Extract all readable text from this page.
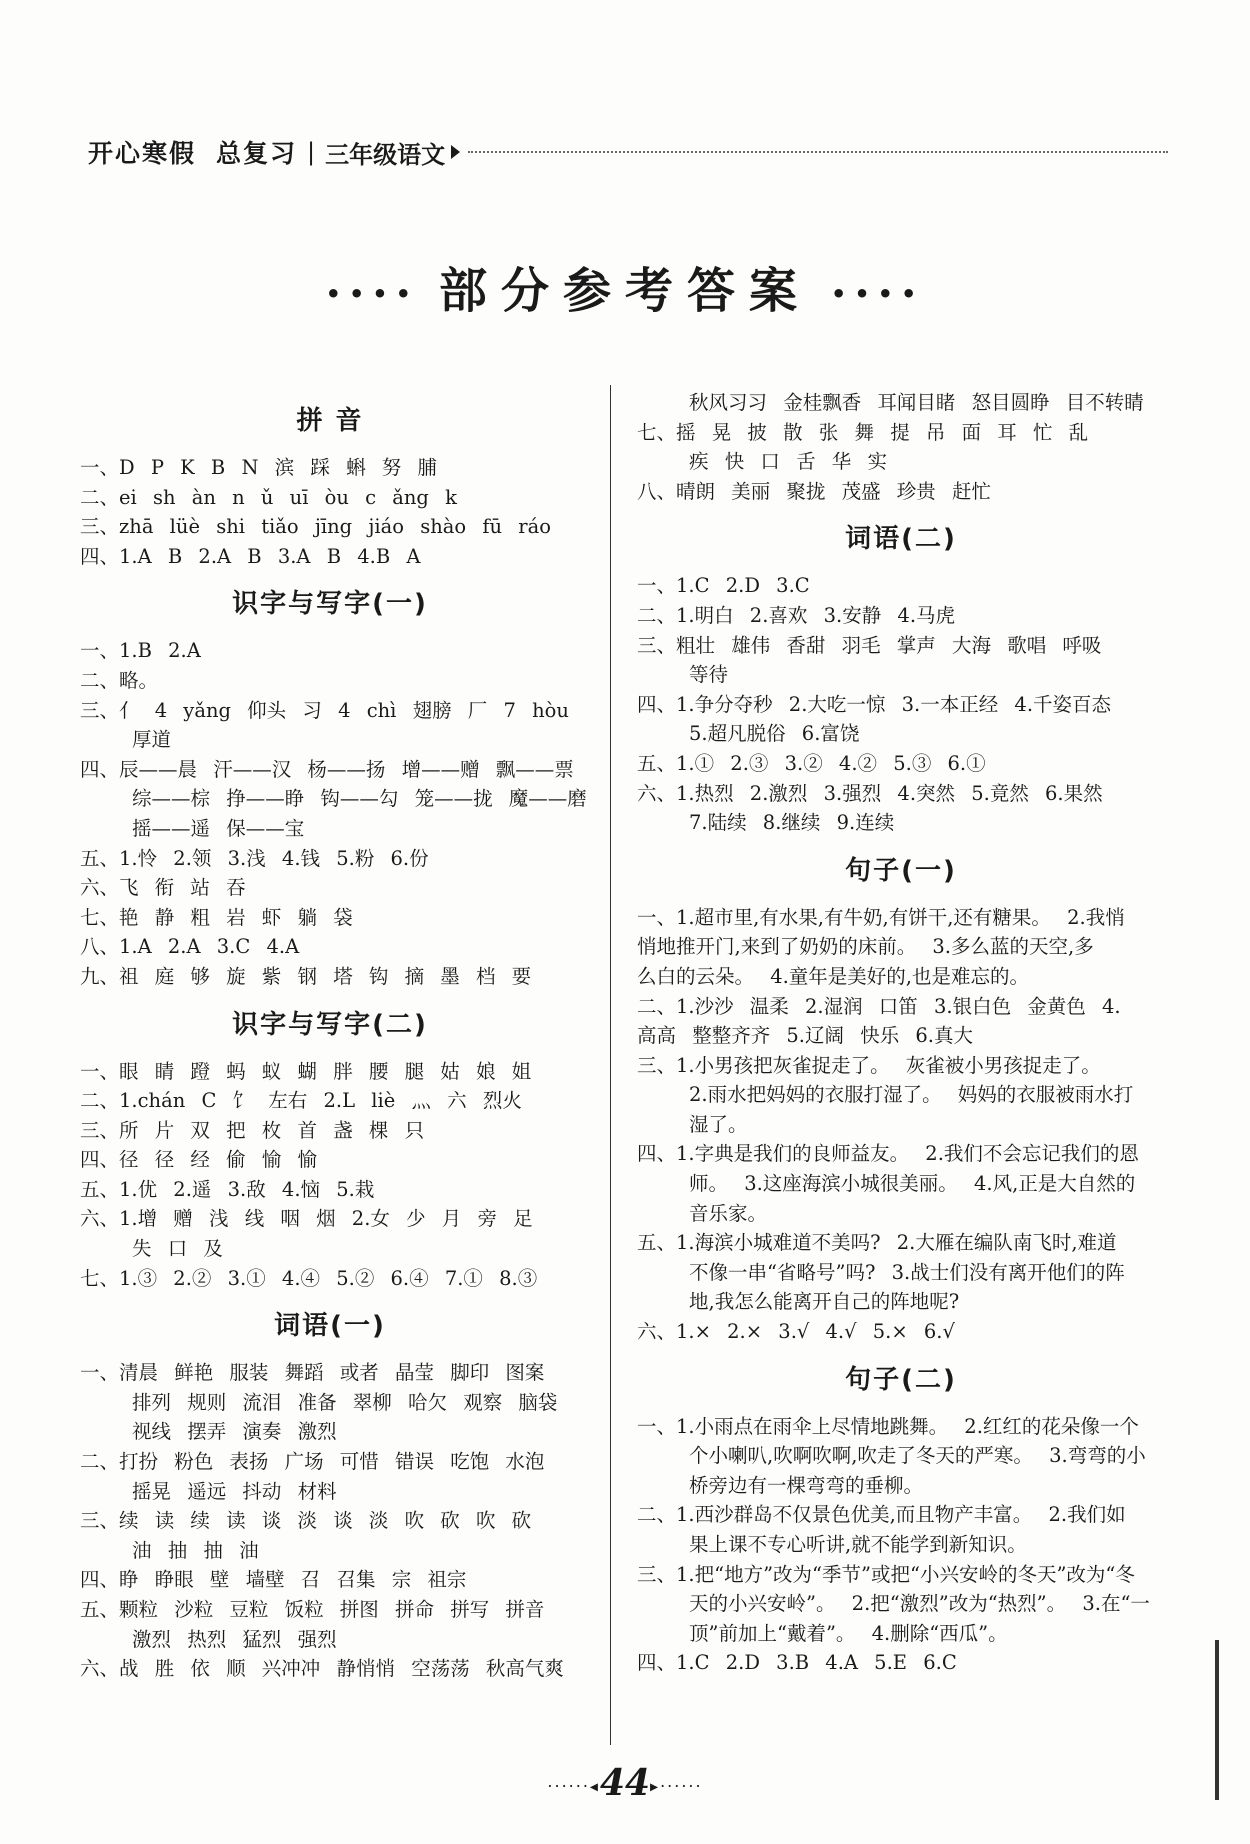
开心寒假 总复习 | 三年级语文
•••• 部分参考答案 ••••
拼 音
一、D P K B N 滨 踩 蝌 努 脯
二、ei sh àn n ǔ uī òu c ǎng k
三、zhā lüè shi tiǎo jīng jiáo shào fū ráo
四、1.A B 2.A B 3.A B 4.B A
识字与写字(一)
一、1.B 2.A
二、略。
三、亻 4 yǎng 仰头 习 4 chì 翅膀 厂 7 hòu
厚道
四、辰——晨 汗——汉 杨——扬 增——赠 飘——票
综——棕 挣——睁 钩——勾 笼——拢 魔——磨
摇——遥 保——宝
五、1.怜 2.领 3.浅 4.钱 5.粉 6.份
六、飞 衔 站 吞
七、艳 静 粗 岩 虾 躺 袋
八、1.A 2.A 3.C 4.A
九、祖 庭 够 旋 紫 钢 塔 钩 摘 墨 档 要
识字与写字(二)
一、眼 睛 蹬 蚂 蚁 蝴 胖 腰 腿 姑 娘 姐
二、1.chán C 饣 左右 2.L liè 灬 六 烈火
三、所 片 双 把 枚 首 盏 棵 只
四、径 径 经 偷 愉 愉
五、1.优 2.遥 3.敌 4.恼 5.栽
六、1.增 赠 浅 线 咽 烟 2.女 少 月 旁 足
失 口 及
七、1.③ 2.② 3.① 4.④ 5.② 6.④ 7.① 8.③
词语(一)
一、清晨 鲜艳 服装 舞蹈 或者 晶莹 脚印 图案
排列 规则 流泪 准备 翠柳 哈欠 观察 脑袋
视线 摆弄 演奏 激烈
二、打扮 粉色 表扬 广场 可惜 错误 吃饱 水泡
摇晃 遥远 抖动 材料
三、续 读 续 读 谈 淡 谈 淡 吹 砍 吹 砍
油 抽 抽 油
四、睁 睁眼 壁 墙壁 召 召集 宗 祖宗
五、颗粒 沙粒 豆粒 饭粒 拼图 拼命 拼写 拼音
激烈 热烈 猛烈 强烈
六、战 胜 依 顺 兴冲冲 静悄悄 空荡荡 秋高气爽
秋风习习 金桂飘香 耳闻目睹 怒目圆睁 目不转睛
七、摇 晃 披 散 张 舞 提 吊 面 耳 忙 乱
疾 快 口 舌 华 实
八、晴朗 美丽 聚拢 茂盛 珍贵 赶忙
词语(二)
一、1.C 2.D 3.C
二、1.明白 2.喜欢 3.安静 4.马虎
三、粗壮 雄伟 香甜 羽毛 掌声 大海 歌唱 呼吸
等待
四、1.争分夺秒 2.大吃一惊 3.一本正经 4.千姿百态
5.超凡脱俗 6.富饶
五、1.① 2.③ 3.② 4.② 5.③ 6.①
六、1.热烈 2.激烈 3.强烈 4.突然 5.竟然 6.果然
7.陆续 8.继续 9.连续
句子(一)
一、1.超市里,有水果,有牛奶,有饼干,还有糖果。 2.我悄
悄地推开门,来到了奶奶的床前。 3.多么蓝的天空,多
么白的云朵。 4.童年是美好的,也是难忘的。
二、1.沙沙 温柔 2.湿润 口笛 3.银白色 金黄色 4.
高高 整整齐齐 5.辽阔 快乐 6.真大
三、1.小男孩把灰雀捉走了。 灰雀被小男孩捉走了。
2.雨水把妈妈的衣服打湿了。 妈妈的衣服被雨水打
湿了。
四、1.字典是我们的良师益友。 2.我们不会忘记我们的恩
师。 3.这座海滨小城很美丽。 4.风,正是大自然的
音乐家。
五、1.海滨小城难道不美吗? 2.大雁在编队南飞时,难道
不像一串“省略号”吗? 3.战士们没有离开他们的阵
地,我怎么能离开自己的阵地呢?
六、1.× 2.× 3.√ 4.√ 5.× 6.√
句子(二)
一、1.小雨点在雨伞上尽情地跳舞。 2.红红的花朵像一个
个小喇叭,吹啊吹啊,吹走了冬天的严寒。 3.弯弯的小
桥旁边有一棵弯弯的垂柳。
二、1.西沙群岛不仅景色优美,而且物产丰富。 2.我们如
果上课不专心听讲,就不能学到新知识。
三、1.把“地方”改为“季节”或把“小兴安岭的冬天”改为“冬
天的小兴安岭”。 2.把“激烈”改为“热烈”。 3.在“一
顶”前加上“戴着”。 4.删除“西瓜”。
四、1.C 2.D 3.B 4.A 5.E 6.C
······◂44▸······
